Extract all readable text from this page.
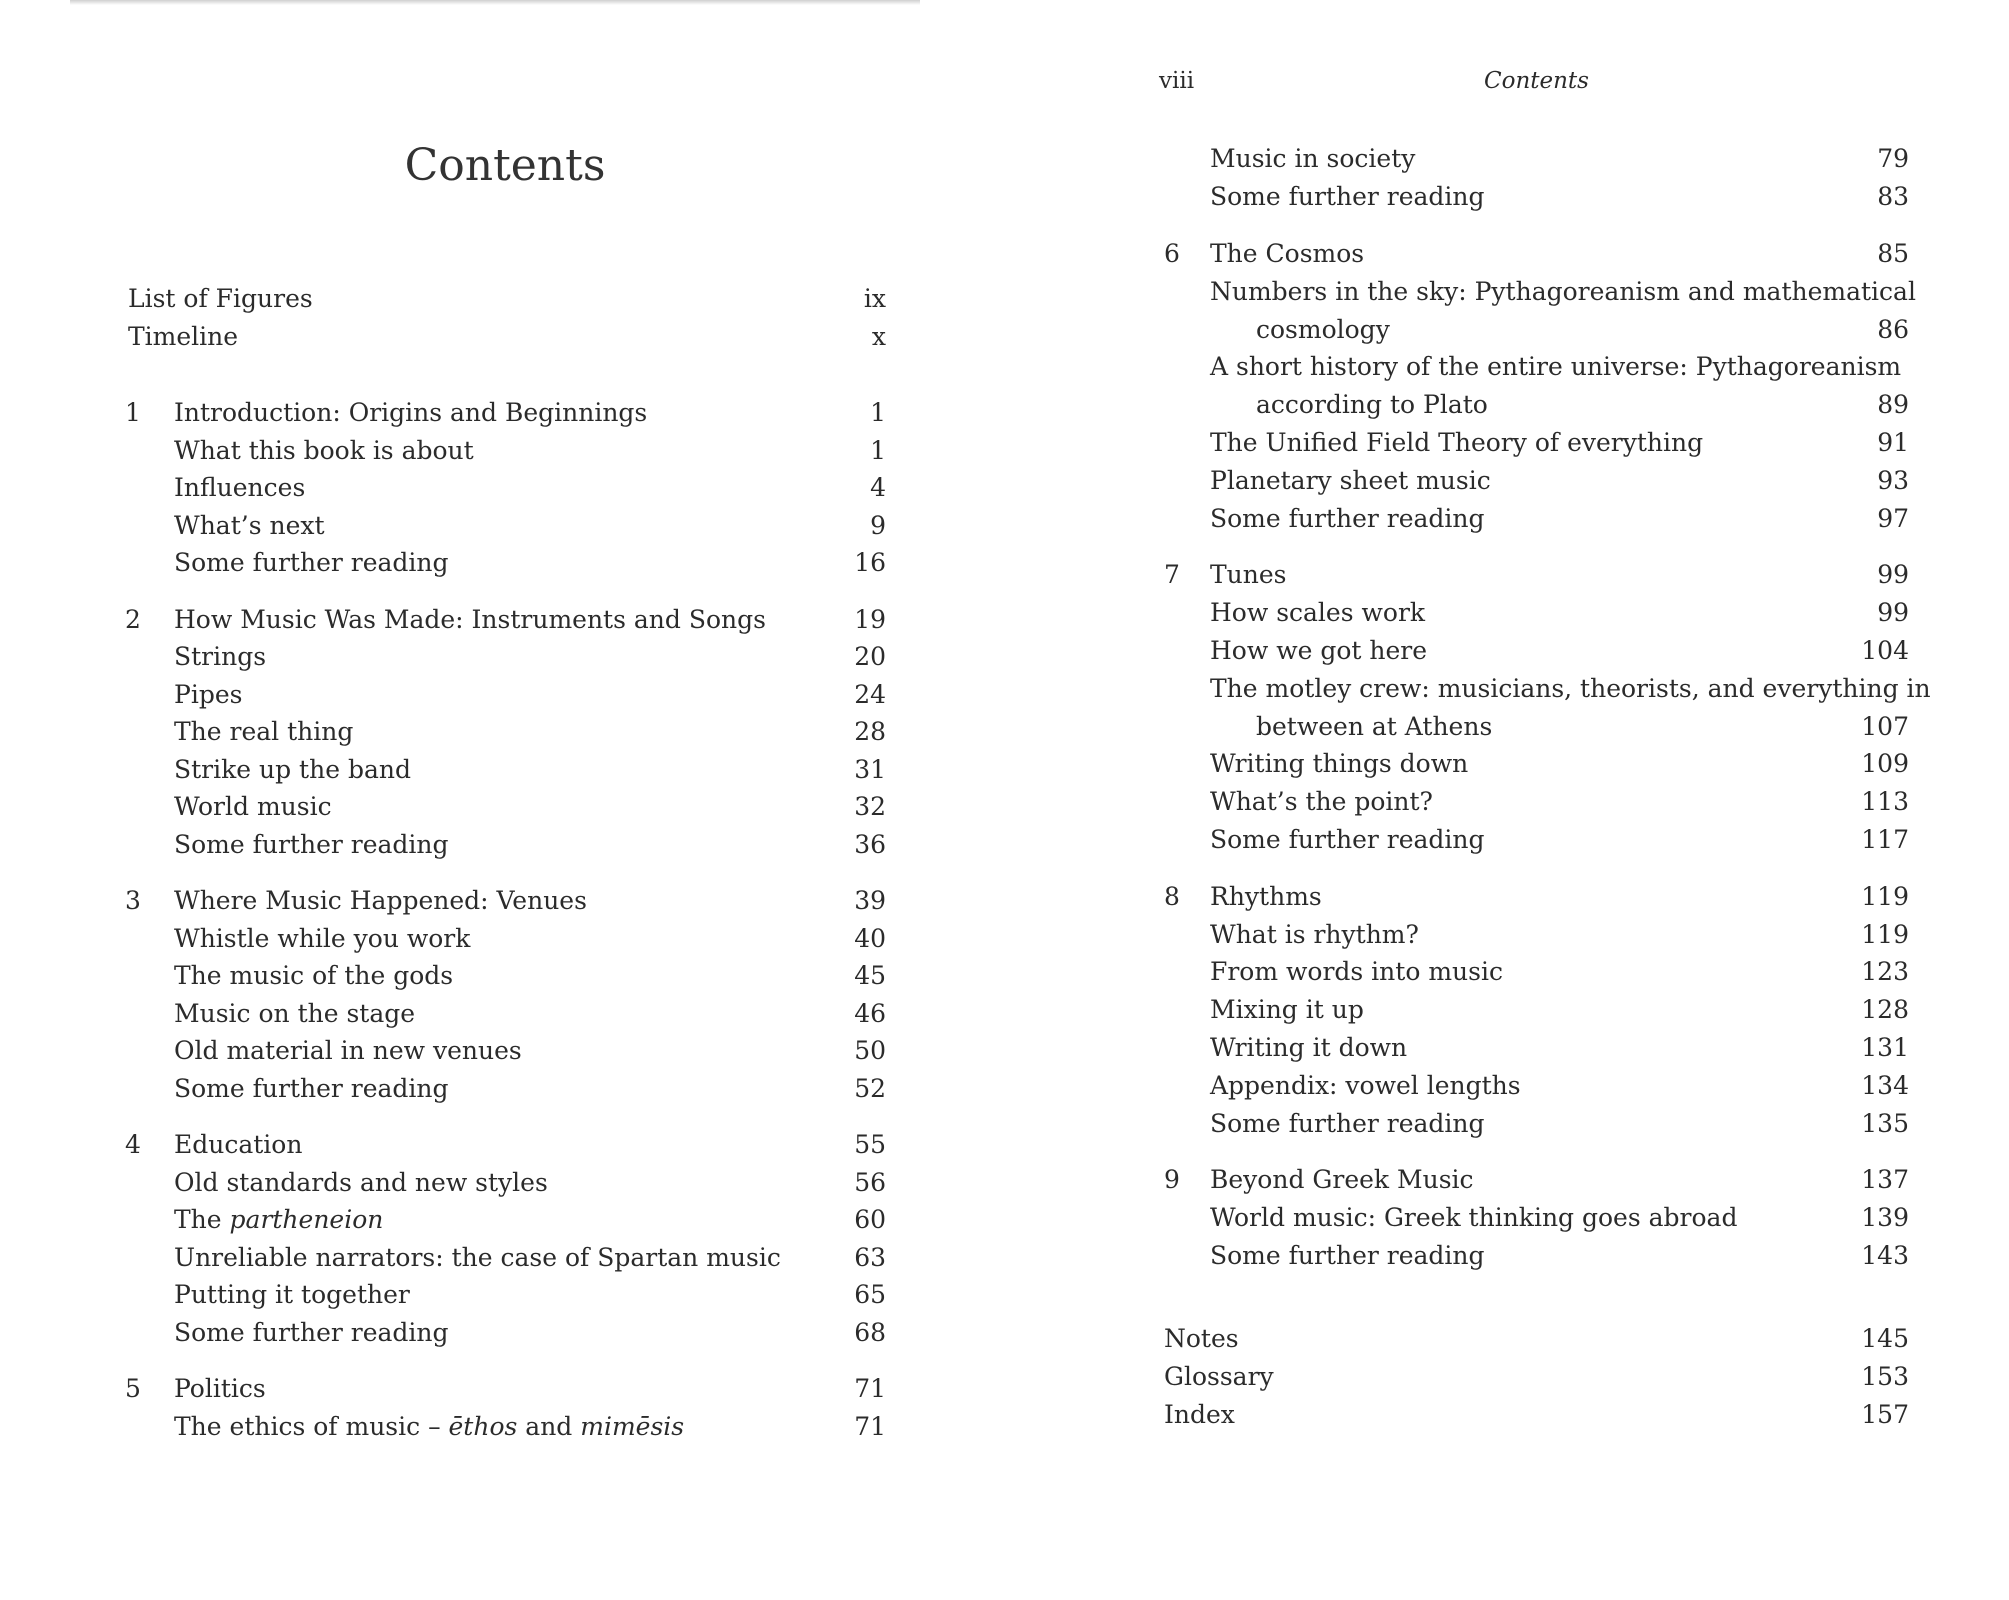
Contents
List of Figures	ix
Timeline	x
1 Introduction: Origins and Beginnings	1
What this book is about	1
Influences	4
What’s next	9
Some further reading	16
2 How Music Was Made: Instruments and Songs	19
Strings	20
Pipes	24
The real thing	28
Strike up the band	31
World music	32
Some further reading	36
3 Where Music Happened: Venues	39
Whistle while you work	40
The music of the gods	45
Music on the stage	46
Old material in new venues	50
Some further reading	52
4 Education	55
Old standards and new styles	56
The partheneion	60
Unreliable narrators: the case of Spartan music	63
Putting it together	65
Some further reading	68
5 Politics	71
The ethics of music – ēthos and mimēsis	71
viii	Contents
Music in society	79
Some further reading	83
6 The Cosmos	85
Numbers in the sky: Pythagoreanism and mathematical
cosmology	86
A short history of the entire universe: Pythagoreanism
according to Plato	89
The Unified Field Theory of everything	91
Planetary sheet music	93
Some further reading	97
7 Tunes	99
How scales work	99
How we got here	104
The motley crew: musicians, theorists, and everything in
between at Athens	107
Writing things down	109
What’s the point?	113
Some further reading	117
8 Rhythms	119
What is rhythm?	119
From words into music	123
Mixing it up	128
Writing it down	131
Appendix: vowel lengths	134
Some further reading	135
9 Beyond Greek Music	137
World music: Greek thinking goes abroad	139
Some further reading	143
Notes	145
Glossary	153
Index	157
